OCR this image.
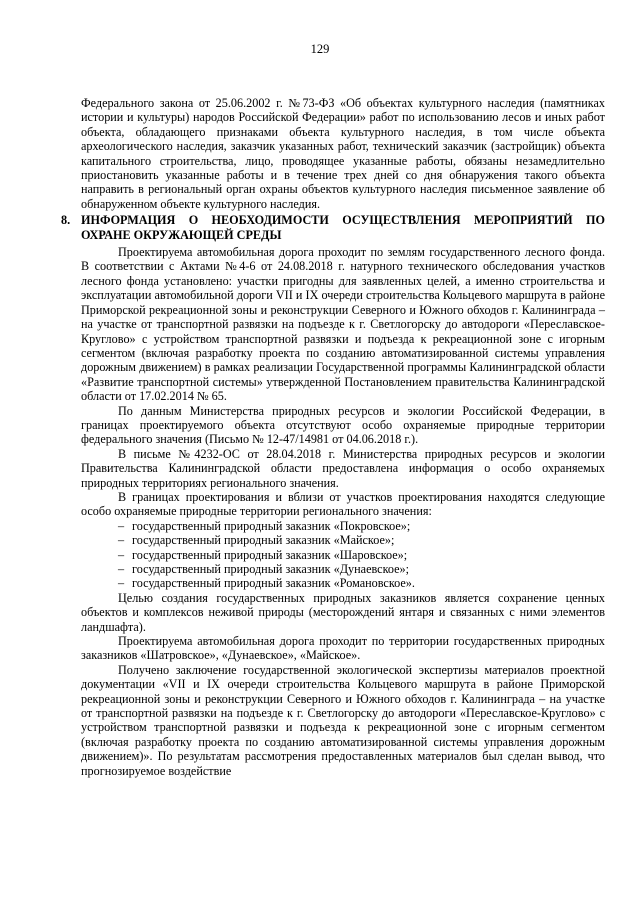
129

Федерального закона от 25.06.2002 г. №73-ФЗ «Об объектах культурного наследия (памятниках истории и культуры) народов Российской Федерации» работ по использованию лесов и иных работ объекта, обладающего признаками объекта культурного наследия, в том числе объекта археологического наследия, заказчик указанных работ, технический заказчик (застройщик) объекта капитального строительства, лицо, проводящее указанные работы, обязаны незамедлительно приостановить указанные работы и в течение трех дней со дня обнаружения такого объекта направить в региональный орган охраны объектов культурного наследия письменное заявление об обнаруженном объекте культурного наследия.

8. ИНФОРМАЦИЯ О НЕОБХОДИМОСТИ ОСУЩЕСТВЛЕНИЯ МЕРОПРИЯТИЙ ПО ОХРАНЕ ОКРУЖАЮЩЕЙ СРЕДЫ

Проектируема автомобильная дорога проходит по землям государственного лесного фонда. В соответствии с Актами №4-6 от 24.08.2018 г. натурного технического обследования участков лесного фонда установлено: участки пригодны для заявленных целей, а именно строительства и эксплуатации автомобильной дороги VII и IX очереди строительства Кольцевого маршрута в районе Приморской рекреационной зоны и реконструкции Северного и Южного обходов г. Калининграда – на участке от транспортной развязки на подъезде к г. Светлогорску до автодороги «Переславское-Кругловo» с устройством транспортной развязки и подъезда к рекреационной зоне с игорным сегментом (включая разработку проекта по созданию автоматизированной системы управления дорожным движением) в рамках реализации Государственной программы Калининградской области «Развитие транспортной системы» утвержденной Постановлением правительства Калининградской области от 17.02.2014 № 65.

По данным Министерства природных ресурсов и экологии Российской Федерации, в границах проектируемого объекта отсутствуют особо охраняемые природные территории федерального значения (Письмо № 12-47/14981 от 04.06.2018 г.).

В письме №4232-ОС от 28.04.2018 г. Министерства природных ресурсов и экологии Правительства Калининградской области предоставлена информация о особо охраняемых природных территориях регионального значения.

В границах проектирования и вблизи от участков проектирования находятся следующие особо охраняемые природные территории регионального значения:

– государственный природный заказник «Покровское»;
– государственный природный заказник «Майское»;
– государственный природный заказник «Шаровское»;
– государственный природный заказник «Дунаевское»;
– государственный природный заказник «Романовское».

Целью создания государственных природных заказников является сохранение ценных объектов и комплексов неживой природы (месторождений янтаря и связанных с ними элементов ландшафта).

Проектируема автомобильная дорога проходит по территории государственных природных заказников «Шатровское», «Дунаевское», «Майское».

Получено заключение государственной экологической экспертизы материалов проектной документации «VII и IX очереди строительства Кольцевого маршрута в районе Приморской рекреационной зоны и реконструкции Северного и Южного обходов г. Калининграда – на участке от транспортной развязки на подъезде к г. Светлогорску до автодороги «Переславское-Кругловo» с устройством транспортной развязки и подъезда к рекреационной зоне с игорным сегментом (включая разработку проекта по созданию автоматизированной системы управления дорожным движением)». По результатам рассмотрения предоставленных материалов был сделан вывод, что прогнозируемое воздействие
